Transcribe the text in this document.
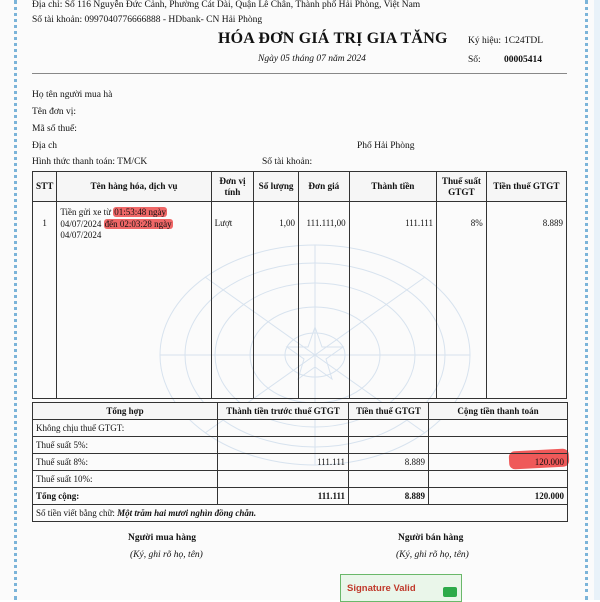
Địa chỉ: Số 116 Nguyễn Đức Cảnh, Phường Cát Dài, Quận Lê Chân, Thành phố Hải Phòng, Việt Nam
Số tài khoản: 0997040776666888 - HDbank- CN Hải Phòng
HÓA ĐƠN GIÁ TRỊ GIA TĂNG
Ngày 05 tháng 07 năm 2024
Ký hiệu: 1C24TDL
Số: 00005414
Họ tên người mua hà
Tên đơn vị:
Mã số thuế:
Địa ch	Phố Hải Phòng
Hình thức thanh toán: TM/CK	Số tài khoản:
STT	Tên hàng hóa, dịch vụ	Đơn vị tính	Số lượng	Đơn giá	Thành tiền	Thuế suất GTGT	Tiền thuế GTGT
1	Tiền gửi xe từ 01:53:48 ngày
04/07/2024 đến 02:03:28 ngày
04/07/2024	Lượt	1,00	111.111,00	111.111	8%	8.889
Tổng hợp	Thành tiền trước thuế GTGT	Tiền thuế GTGT	Cộng tiền thanh toán
Không chịu thuế GTGT:			
Thuế suất 5%:			
Thuế suất 8%:	111.111	8.889	120.000
Thuế suất 10%:			
Tổng cộng:	111.111	8.889	120.000
Số tiền viết bằng chữ: Một trăm hai mươi nghìn đồng chẵn.			
Người mua hàng
(Ký, ghi rõ họ, tên)
Người bán hàng
(Ký, ghi rõ họ, tên)
Signature Valid
